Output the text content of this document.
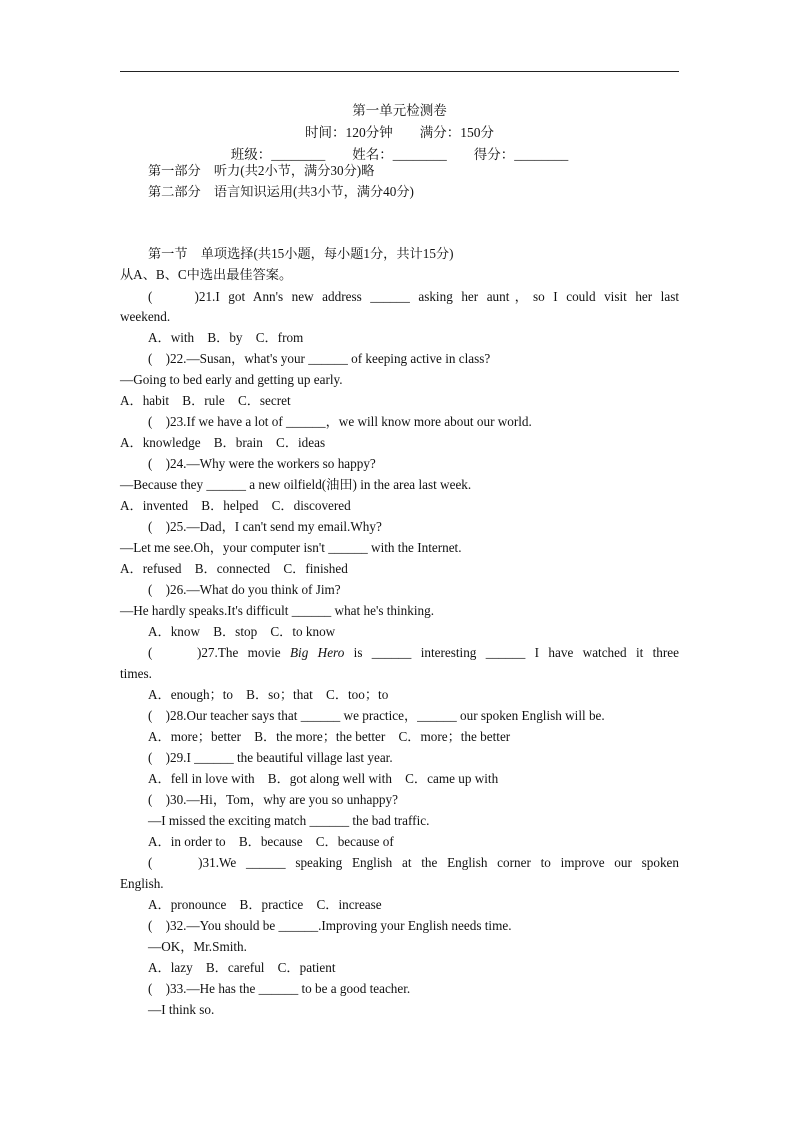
第一单元检测卷
时间：120分钟　　满分：150分
班级：________　　姓名：________　　得分：________
第一部分　听力(共2小节，满分30分)略
第二部分　语言知识运用(共3小节，满分40分)
第一节　单项选择(共15小题，每小题1分，共计15分)
从A、B、C中选出最佳答案。
(　　)21.I got Ann's new address ______ asking her aunt，so I could visit her last
weekend.
A．with　B．by　C．from
(　)22.—Susan，what's your ______ of keeping active in class?
—Going to bed early and getting up early.
A．habit　B．rule　C．secret
(　)23.If we have a lot of ______，we will know more about our world.
A．knowledge　B．brain　C．ideas
(　)24.—Why were the workers so happy?
—Because they ______ a new oilfield(油田) in the area last week.
A．invented　B．helped　C．discovered
(　)25.—Dad，I can't send my email.Why?
—Let me see.Oh，your computer isn't ______ with the Internet.
A．refused　B．connected　C．finished
(　)26.—What do you think of Jim?
—He hardly speaks.It's difficult ______ what he's thinking.
A．know　B．stop　C．to know
(　　)27.The movie Big Hero is ______ interesting ______ I have watched it three
times.
A．enough；to　B．so；that　C．too；to
(　)28.Our teacher says that ______ we practice，______ our spoken English will be.
A．more；better　B．the more；the better　C．more；the better
(　)29.I ______ the beautiful village last year.
A．fell in love with　B．got along well with　C．came up with
(　)30.—Hi，Tom，why are you so unhappy?
—I missed the exciting match ______ the bad traffic.
A．in order to　B．because　C．because of
(　　)31.We ______ speaking English at the English corner to improve our spoken
English.
A．pronounce　B．practice　C．increase
(　)32.—You should be ______.Improving your English needs time.
—OK，Mr.Smith.
A．lazy　B．careful　C．patient
(　)33.—He has the ______ to be a good teacher.
—I think so.
